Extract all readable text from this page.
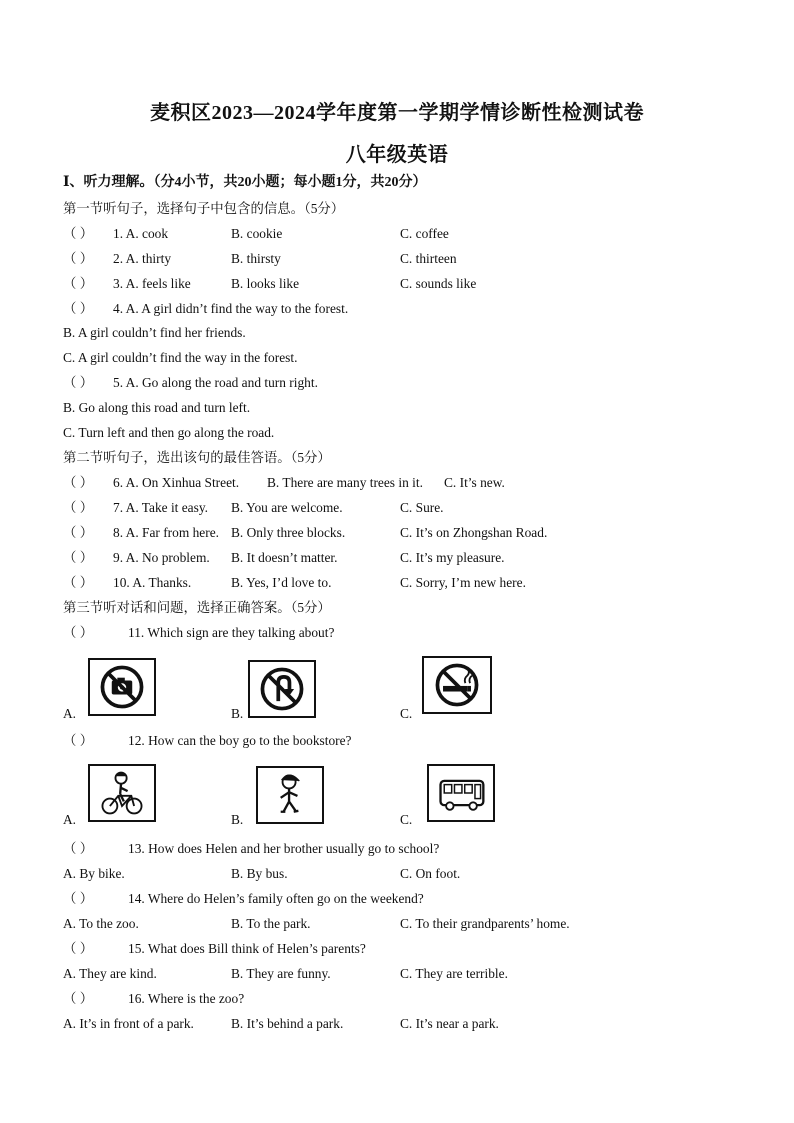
麦积区2023—2024学年度第一学期学情诊断性检测试卷
八年级英语
Ⅰ、听力理解。（分4小节，共20小题；每小题1分，共20分）
第一节听句子，选择句子中包含的信息。（5分）
（ ） 1. A. cook	B. cookie	C. coffee
（ ） 2. A. thirty	B. thirsty	C. thirteen
（ ） 3. A. feels like	B. looks like	C. sounds like
（ ） 4. A. A girl didn’t find the way to the forest.
B. A girl couldn’t find her friends.
C. A girl couldn’t find the way in the forest.
（ ） 5. A. Go along the road and turn right.
B. Go along this road and turn left.
C. Turn left and then go along the road.
第二节听句子，选出该句的最佳答语。（5分）
（ ） 6. A. On Xinhua Street. B. There are many trees in it. C. It’s new.
（ ） 7. A. Take it easy. B. You are welcome.	C. Sure.
（ ） 8. A. Far from here. B. Only three blocks.	C. It’s on Zhongshan Road.
（ ） 9. A. No problem. B. It doesn’t matter.	C. It’s my pleasure.
（ ） 10. A. Thanks.	B. Yes, I’d love to.	C. Sorry, I’m new here.
第三节听对话和问题，选择正确答案。（5分）
（ ）	11. Which sign are they talking about?
A.	B.	C.
（ ）	12. How can the boy go to the bookstore?
A.	B.	C.
（ ）	13. How does Helen and her brother usually go to school?
A. By bike.	B. By bus.	C. On foot.
（ ）	14. Where do Helen’s family often go on the weekend?
A. To the zoo.	B. To the park.	C. To their grandparents’ home.
（ ）	15. What does Bill think of Helen’s parents?
A. They are kind.	B. They are funny.	C. They are terrible.
（ ）	16. Where is the zoo?
A. It’s in front of a park.	B. It’s behind a park.	C. It’s near a park.
